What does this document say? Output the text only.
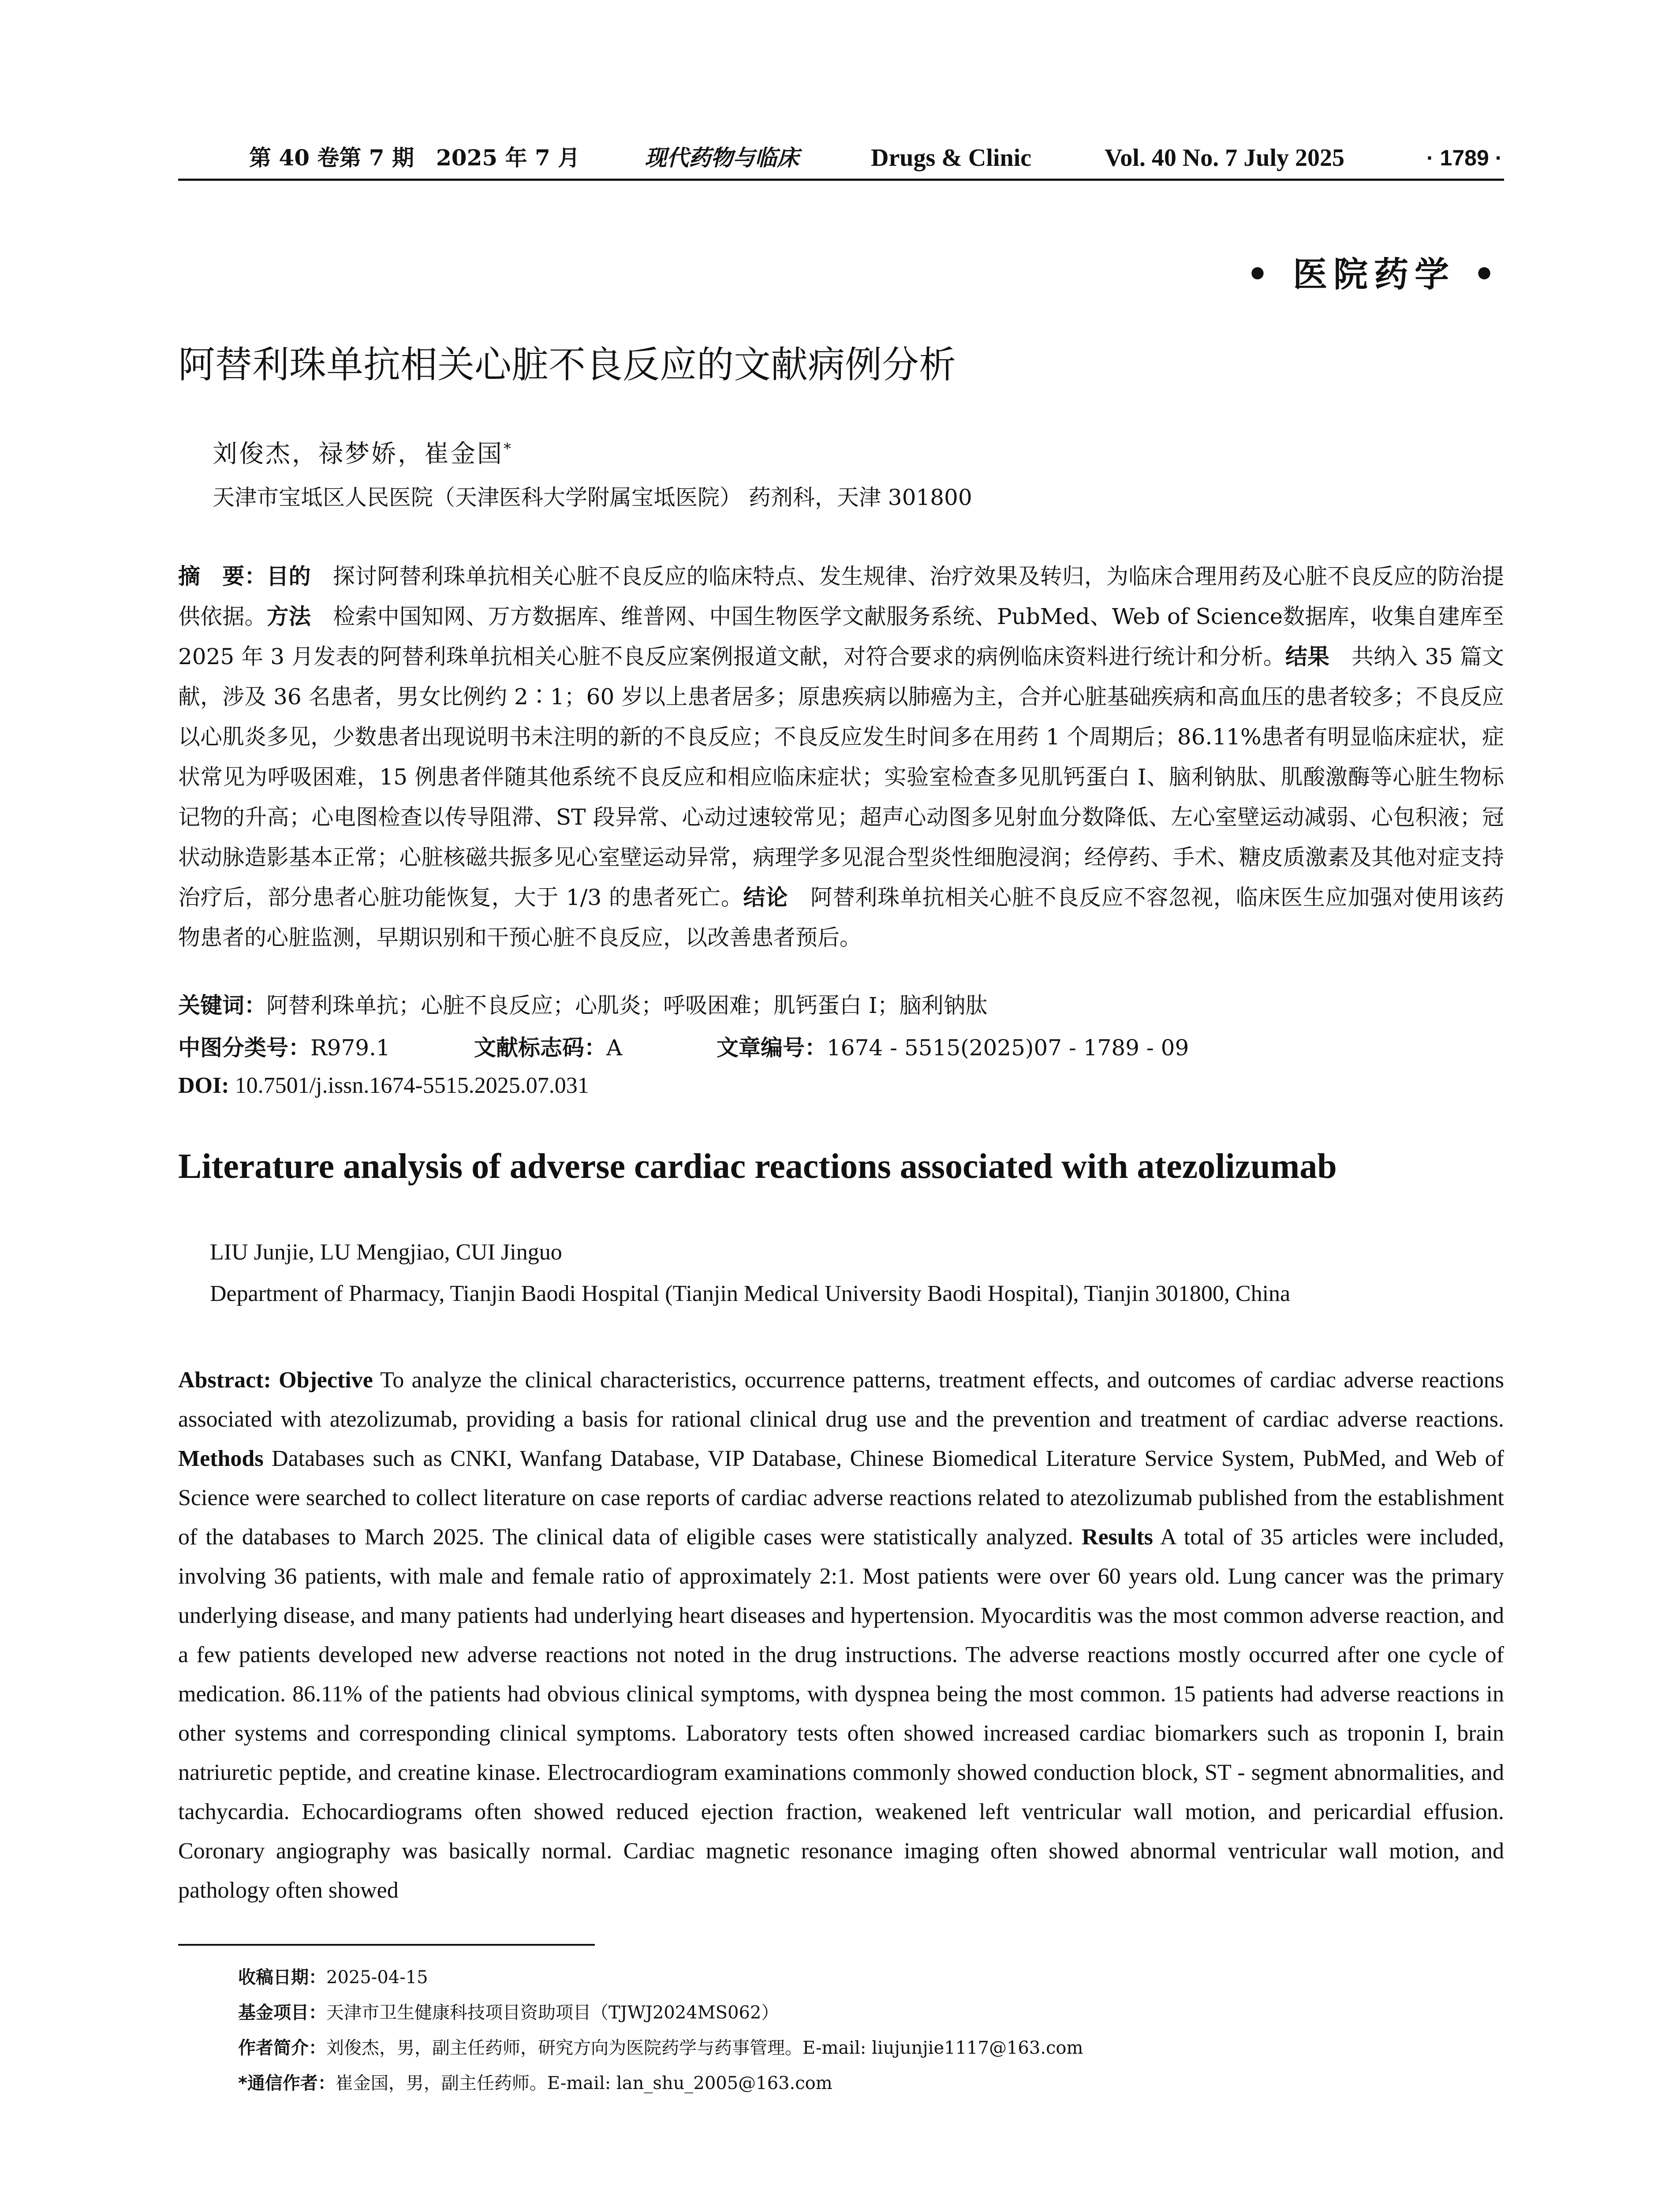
第 40 卷第 7 期　2025 年 7 月	现代药物与临床	Drugs & Clinic	Vol. 40 No. 7 July 2025	· 1789 ·
• 医院药学 •
阿替利珠单抗相关心脏不良反应的文献病例分析
刘俊杰，禄梦娇，崔金国*
天津市宝坻区人民医院（天津医科大学附属宝坻医院） 药剂科，天津 301800
摘　要：目的　探讨阿替利珠单抗相关心脏不良反应的临床特点、发生规律、治疗效果及转归，为临床合理用药及心脏不良反应的防治提供依据。方法　检索中国知网、万方数据库、维普网、中国生物医学文献服务系统、PubMed、Web of Science数据库，收集自建库至 2025 年 3 月发表的阿替利珠单抗相关心脏不良反应案例报道文献，对符合要求的病例临床资料进行统计和分析。结果　共纳入 35 篇文献，涉及 36 名患者，男女比例约 2∶1；60 岁以上患者居多；原患疾病以肺癌为主，合并心脏基础疾病和高血压的患者较多；不良反应以心肌炎多见，少数患者出现说明书未注明的新的不良反应；不良反应发生时间多在用药 1 个周期后；86.11%患者有明显临床症状，症状常见为呼吸困难，15 例患者伴随其他系统不良反应和相应临床症状；实验室检查多见肌钙蛋白 I、脑利钠肽、肌酸激酶等心脏生物标记物的升高；心电图检查以传导阻滞、ST 段异常、心动过速较常见；超声心动图多见射血分数降低、左心室壁运动减弱、心包积液；冠状动脉造影基本正常；心脏核磁共振多见心室壁运动异常，病理学多见混合型炎性细胞浸润；经停药、手术、糖皮质激素及其他对症支持治疗后，部分患者心脏功能恢复，大于 1/3 的患者死亡。结论　阿替利珠单抗相关心脏不良反应不容忽视，临床医生应加强对使用该药物患者的心脏监测，早期识别和干预心脏不良反应，以改善患者预后。
关键词：阿替利珠单抗；心脏不良反应；心肌炎；呼吸困难；肌钙蛋白 I；脑利钠肽
中图分类号：R979.1	文献标志码：A	文章编号：1674 - 5515(2025)07 - 1789 - 09
DOI: 10.7501/j.issn.1674-5515.2025.07.031
Literature analysis of adverse cardiac reactions associated with atezolizumab
LIU Junjie, LU Mengjiao, CUI Jinguo
Department of Pharmacy, Tianjin Baodi Hospital (Tianjin Medical University Baodi Hospital), Tianjin 301800, China
Abstract: Objective To analyze the clinical characteristics, occurrence patterns, treatment effects, and outcomes of cardiac adverse reactions associated with atezolizumab, providing a basis for rational clinical drug use and the prevention and treatment of cardiac adverse reactions. Methods Databases such as CNKI, Wanfang Database, VIP Database, Chinese Biomedical Literature Service System, PubMed, and Web of Science were searched to collect literature on case reports of cardiac adverse reactions related to atezolizumab published from the establishment of the databases to March 2025. The clinical data of eligible cases were statistically analyzed. Results A total of 35 articles were included, involving 36 patients, with male and female ratio of approximately 2:1. Most patients were over 60 years old. Lung cancer was the primary underlying disease, and many patients had underlying heart diseases and hypertension. Myocarditis was the most common adverse reaction, and a few patients developed new adverse reactions not noted in the drug instructions. The adverse reactions mostly occurred after one cycle of medication. 86.11% of the patients had obvious clinical symptoms, with dyspnea being the most common. 15 patients had adverse reactions in other systems and corresponding clinical symptoms. Laboratory tests often showed increased cardiac biomarkers such as troponin I, brain natriuretic peptide, and creatine kinase. Electrocardiogram examinations commonly showed conduction block, ST - segment abnormalities, and tachycardia. Echocardiograms often showed reduced ejection fraction, weakened left ventricular wall motion, and pericardial effusion. Coronary angiography was basically normal. Cardiac magnetic resonance imaging often showed abnormal ventricular wall motion, and pathology often showed
收稿日期：2025-04-15
基金项目：天津市卫生健康科技项目资助项目（TJWJ2024MS062）
作者简介：刘俊杰，男，副主任药师，研究方向为医院药学与药事管理。E-mail: liujunjie1117@163.com
*通信作者：崔金国，男，副主任药师。E-mail: lan_shu_2005@163.com
